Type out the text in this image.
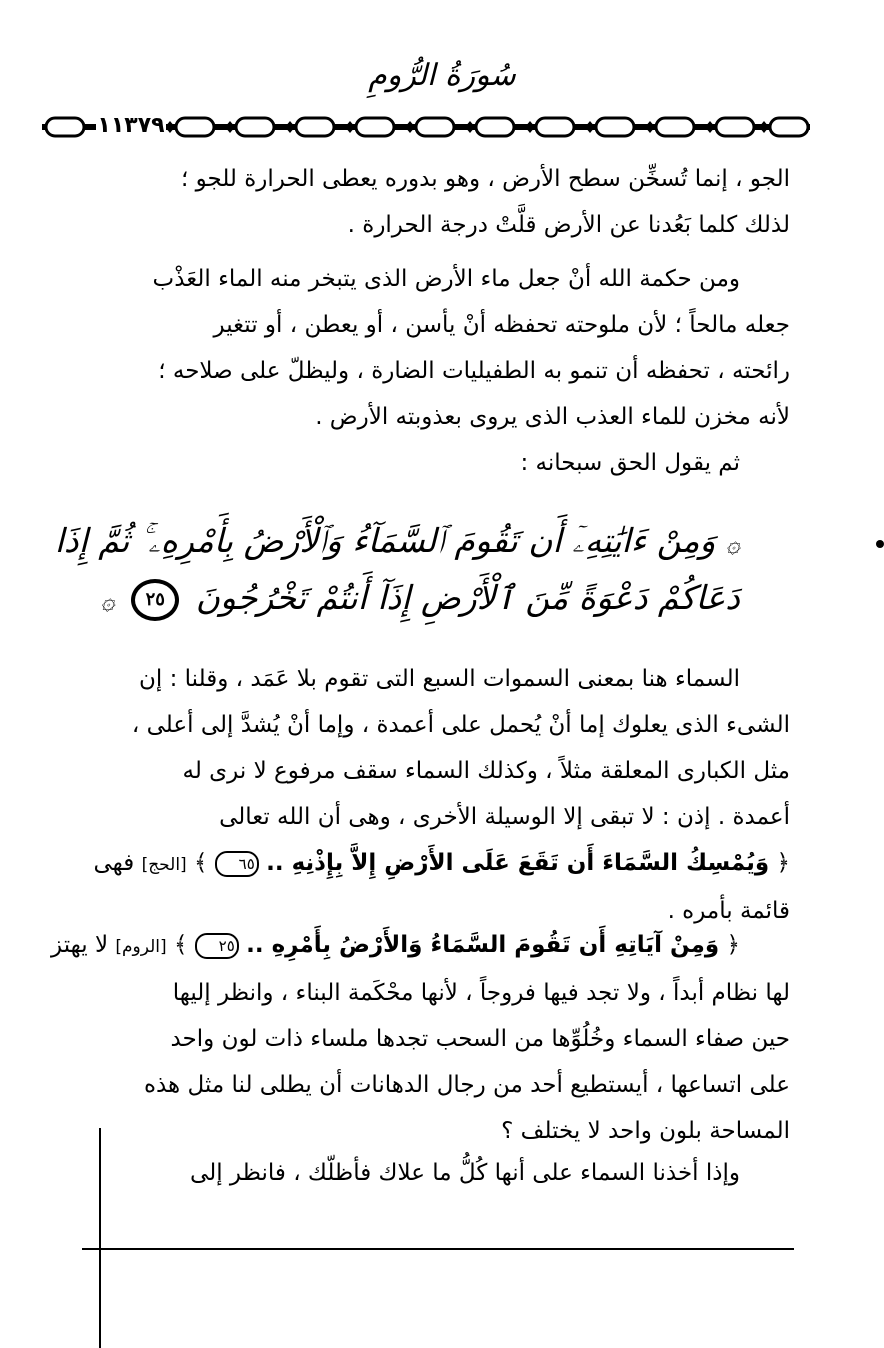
سُورَةُ الرُّومِ
١١٣٧٩

الجو ، إنما تُسخِّن سطح الأرض ، وهو بدوره يعطى الحرارة للجو ؛

لذلك كلما بَعُدنا عن الأرض قلَّتْ درجة الحرارة .

ومن حكمة الله أنْ جعل ماء الأرض الذى يتبخر منه الماء العَذْب

جعله مالحاً ؛ لأن ملوحته تحفظه أنْ يأسن ، أو يعطن ، أو تتغير

رائحته ، تحفظه أن تنمو به الطفيليات الضارة ، وليظلّ على صلاحه ؛

لأنه مخزن للماء العذب الذى يروى بعذوبته الأرض .

ثم يقول الحق سبحانه :

۞ وَمِنْ ءَايَٰتِهِۦٓ أَن تَقُومَ ٱلسَّمَآءُ وَٱلْأَرْضُ بِأَمْرِهِۦ ۚ ثُمَّ إِذَا
دَعَاكُمْ دَعْوَةً مِّنَ ٱلْأَرْضِ إِذَآ أَنتُمْ تَخْرُجُونَ ٢٥ ۞

السماء هنا بمعنى السموات السبع التى تقوم بلا عَمَد ، وقلنا : إن

الشىء الذى يعلوك إما أنْ يُحمل على أعمدة ، وإما أنْ يُشدَّ إلى أعلى ،

مثل الكبارى المعلقة مثلاً ، وكذلك السماء سقف مرفوع لا نرى له

أعمدة . إذن : لا تبقى إلا الوسيلة الأخرى ، وهى أن الله تعالى

﴿ وَيُمْسِكُ السَّمَاءَ أَن تَقَعَ عَلَى الأَرْضِ إِلاَّ بِإِذْنِهِ .. ٦٥ ﴾ [الحج] فهى

قائمة بأمره .

﴿ وَمِنْ آيَاتِهِ أَن تَقُومَ السَّمَاءُ وَالأَرْضُ بِأَمْرِهِ .. ٢٥ ﴾ [الروم] لا يهتز

لها نظام أبداً ، ولا تجد فيها فروجاً ، لأنها محْكَمة البناء ، وانظر إليها

حين صفاء السماء وخُلُوِّها من السحب تجدها ملساء ذات لون واحد

على اتساعها ، أيستطيع أحد من رجال الدهانات أن يطلى لنا مثل هذه

المساحة بلون واحد لا يختلف ؟

وإذا أخذنا السماء على أنها كُلُّ ما علاك فأظلّك ، فانظر إلى
